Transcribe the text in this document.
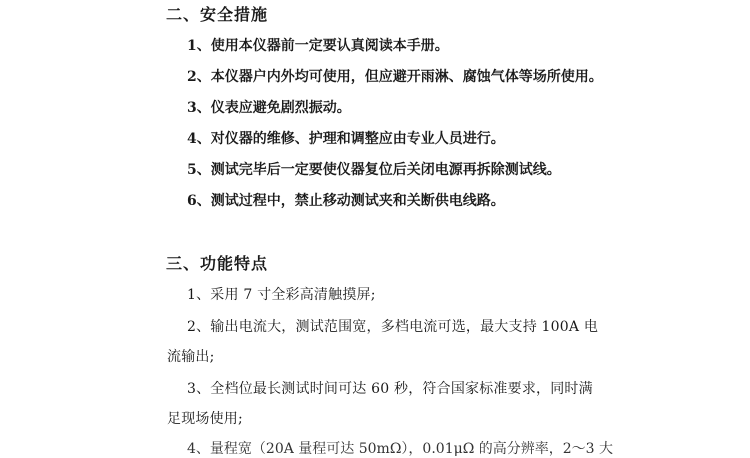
二、安全措施
1、使用本仪器前一定要认真阅读本手册。
2、本仪器户内外均可使用，但应避开雨淋、腐蚀气体等场所使用。
3、仪表应避免剧烈振动。
4、对仪器的维修、护理和调整应由专业人员进行。
5、测试完毕后一定要使仪器复位后关闭电源再拆除测试线。
6、测试过程中，禁止移动测试夹和关断供电线路。
三、功能特点
1、采用 7 寸全彩高清触摸屏;
2、输出电流大，测试范围宽，多档电流可选，最大支持 100A 电
流输出;
3、全档位最长测试时间可达 60 秒，符合国家标准要求，同时满
足现场使用;
4、量程宽（20A 量程可达 50mΩ），0.01μΩ 的高分辨率，2～3 大
